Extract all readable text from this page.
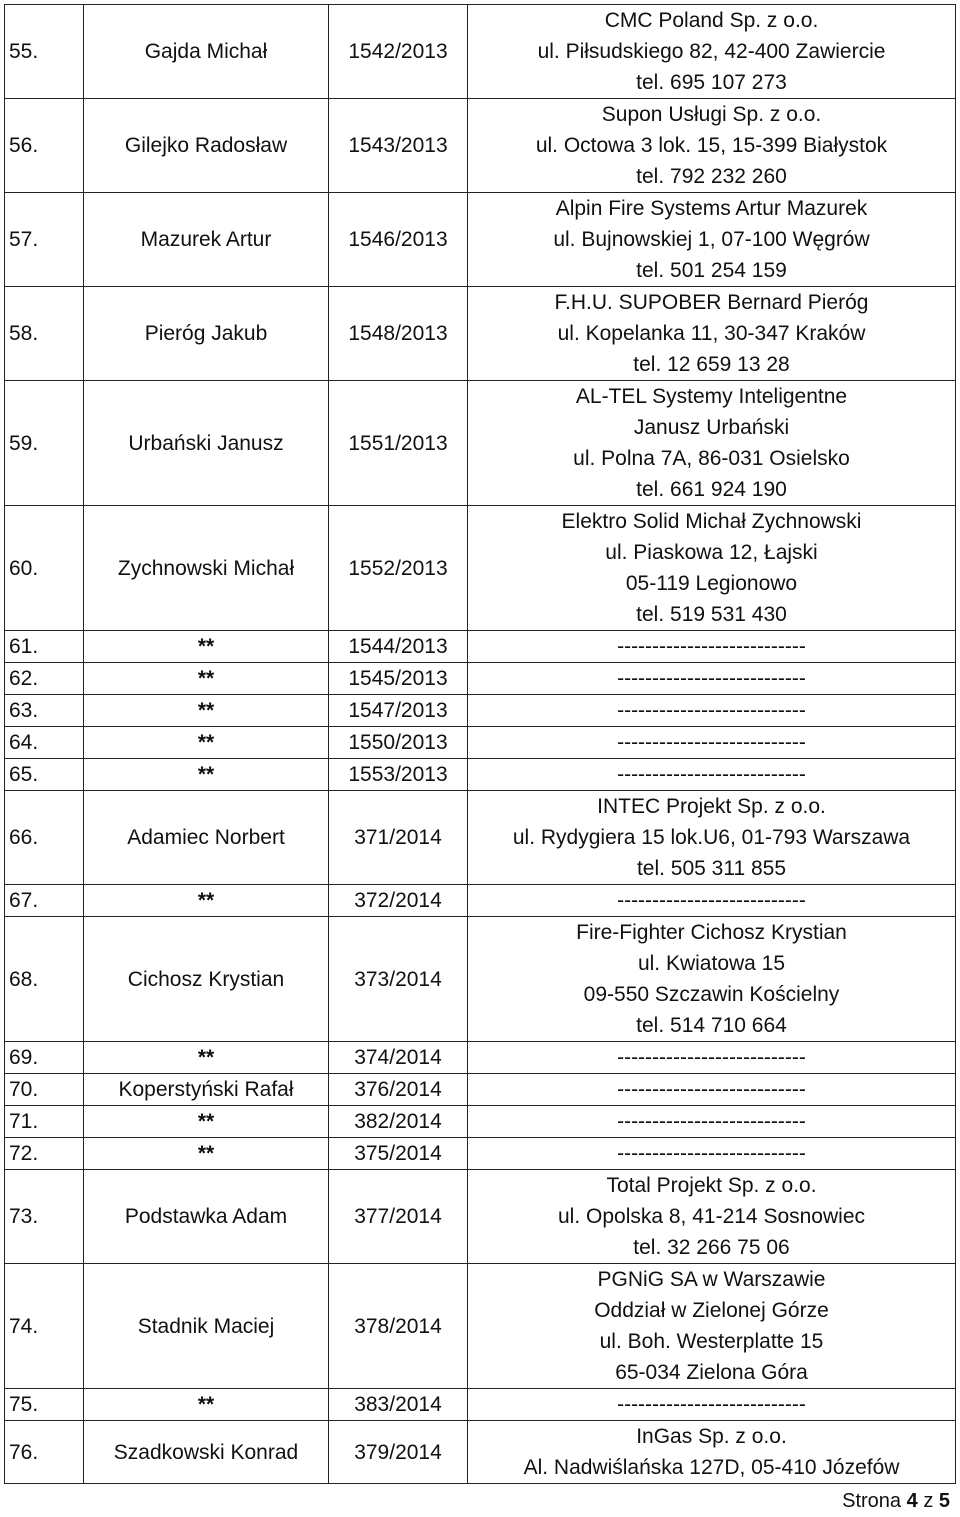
55.	Gajda Michał	1542/2013	CMC Poland Sp. z o.o.
ul. Piłsudskiego 82, 42-400 Zawiercie
tel. 695 107 273

56.	Gilejko Radosław	1543/2013	Supon Usługi Sp. z o.o.
ul. Octowa 3 lok. 15, 15-399 Białystok
tel. 792 232 260

57.	Mazurek Artur	1546/2013	Alpin Fire Systems Artur Mazurek
ul. Bujnowskiej 1, 07-100 Węgrów
tel. 501 254 159

58.	Pieróg Jakub	1548/2013	F.H.U. SUPOBER Bernard Pieróg
ul. Kopelanka 11, 30-347 Kraków
tel. 12 659 13 28

59.	Urbański Janusz	1551/2013	AL-TEL Systemy Inteligentne
Janusz Urbański
ul. Polna 7A, 86-031 Osielsko
tel. 661 924 190

60.	Zychnowski Michał	1552/2013	Elektro Solid Michał Zychnowski
ul. Piaskowa 12, Łajski
05-119 Legionowo
tel. 519 531 430

61.	**	1544/2013	---------------------------

62.	**	1545/2013	---------------------------

63.	**	1547/2013	---------------------------

64.	**	1550/2013	---------------------------

65.	**	1553/2013	---------------------------

66.	Adamiec Norbert	371/2014	INTEC Projekt Sp. z o.o.
ul. Rydygiera 15 lok.U6, 01-793 Warszawa
tel. 505 311 855

67.	**	372/2014	---------------------------

68.	Cichosz Krystian	373/2014	Fire-Fighter Cichosz Krystian
ul. Kwiatowa 15
09-550 Szczawin Kościelny
tel. 514 710 664

69.	**	374/2014	---------------------------

70.	Koperstyński Rafał	376/2014	---------------------------

71.	**	382/2014	---------------------------

72.	**	375/2014	---------------------------

73.	Podstawka Adam	377/2014	Total Projekt Sp. z o.o.
ul. Opolska 8, 41-214 Sosnowiec
tel. 32 266 75 06

74.	Stadnik Maciej	378/2014	PGNiG SA w Warszawie
Oddział w Zielonej Górze
ul. Boh. Westerplatte 15
65-034 Zielona Góra

75.	**	383/2014	---------------------------

76.	Szadkowski Konrad	379/2014	InGas Sp. z o.o.
Al. Nadwiślańska 127D, 05-410 Józefów
Strona 4 z 5
